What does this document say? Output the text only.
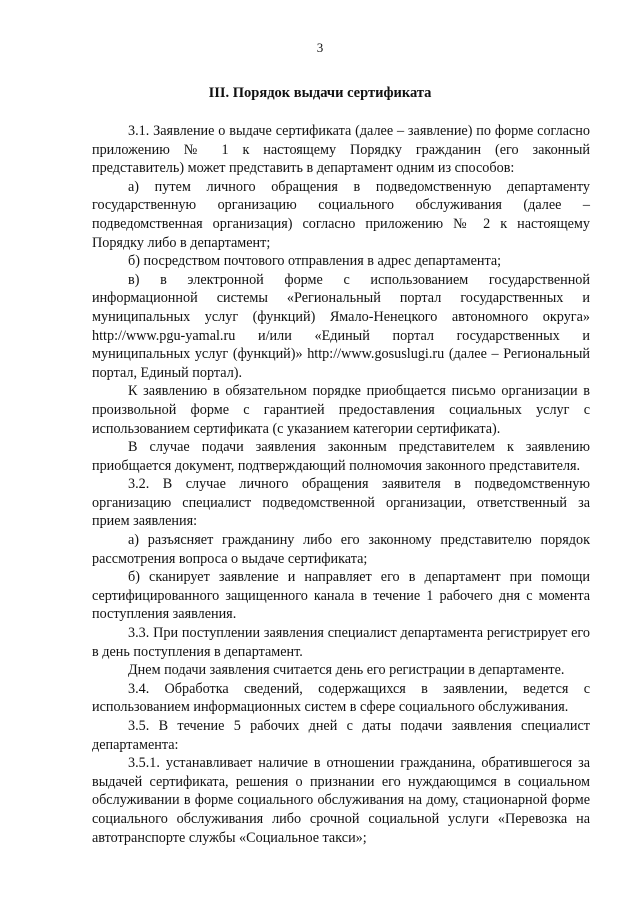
3
III. Порядок выдачи сертификата

3.1. Заявление о выдаче сертификата (далее – заявление) по форме согласно приложению № 1 к настоящему Порядку гражданин (его законный представитель) может представить в департамент одним из способов:

а) путем личного обращения в подведомственную департаменту государственную организацию социального обслуживания (далее – подведомственная организация) согласно приложению № 2 к настоящему Порядку либо в департамент;

б) посредством почтового отправления в адрес департамента;

в) в электронной форме с использованием государственной информационной системы «Региональный портал государственных и муниципальных услуг (функций) Ямало-Ненецкого автономного округа» http://www.pgu-yamal.ru и/или «Единый портал государственных и муниципальных услуг (функций)» http://www.gosuslugi.ru (далее – Региональный портал, Единый портал).

К заявлению в обязательном порядке приобщается письмо организации в произвольной форме с гарантией предоставления социальных услуг с использованием сертификата (с указанием категории сертификата).

В случае подачи заявления законным представителем к заявлению приобщается документ, подтверждающий полномочия законного представителя.

3.2. В случае личного обращения заявителя в подведомственную организацию специалист подведомственной организации, ответственный за прием заявления:

а) разъясняет гражданину либо его законному представителю порядок рассмотрения вопроса о выдаче сертификата;

б) сканирует заявление и направляет его в департамент при помощи сертифицированного защищенного канала в течение 1 рабочего дня с момента поступления заявления.

3.3. При поступлении заявления специалист департамента регистрирует его в день поступления в департамент.

Днем подачи заявления считается день его регистрации в департаменте.

3.4. Обработка сведений, содержащихся в заявлении, ведется с использованием информационных систем в сфере социального обслуживания.

3.5. В течение 5 рабочих дней с даты подачи заявления специалист департамента:

3.5.1. устанавливает наличие в отношении гражданина, обратившегося за выдачей сертификата, решения о признании его нуждающимся в социальном обслуживании в форме социального обслуживания на дому, стационарной форме социального обслуживания либо срочной социальной услуги «Перевозка на автотранспорте службы «Социальное такси»;
